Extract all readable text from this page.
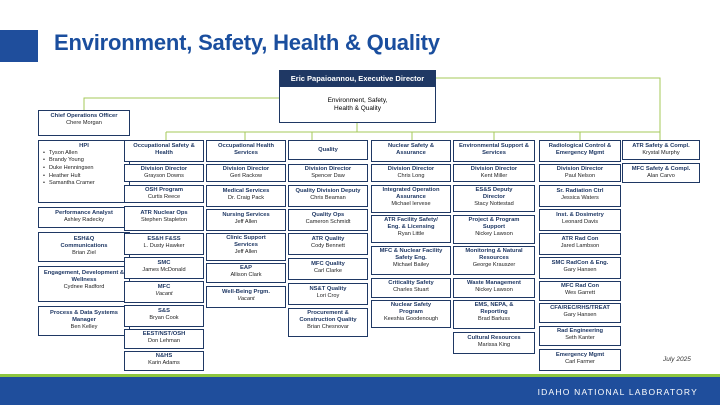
Environment, Safety, Health & Quality
Eric Papaioannou, Executive Director
Environment, Safety,
Health & Quality
Chief Operations Officer
Chere Morgan
HPI
• Tyson Allen
• Brandy Young
• Duke Henningsen
• Heather Hult
• Samantha Cramer
Performance Analyst
Ashley Radecky
ESH&Q Communications
Brian Ziel
Engagement, Development & Wellness
Cydnee Radford
Process & Data Systems Manager
Ben Kelley
Occupational Safety & Health
Division Director
Grayson Downs
OSH Program
Curtis Reece
ATR Nuclear Ops
Stephen Stapleton
ES&H F&SS
L. Dusty Hawker
SMC
James McDonald
MFC
Vacant
S&S
Bryan Cook
EEST/NST/OSH
Don Lehman
N&HS
Karin Adams
Occupational Health Services
Division Director
Geri Rackow
Medical Services
Dr. Craig Pack
Nursing Services
Jeff Allen
Clinic Support Services
Jeff Allen
EAP
Allison Clark
Well-Being Prgm.
Vacant
Quality
Division Director
Spencer Daw
Quality Division Deputy
Chris Beaman
Quality Ops
Cameron Schmidt
ATR Quality
Cody Bennett
MFC Quality
Carl Clarke
NS&T Quality
Lori Croy
Procurement & Construction Quality
Brian Chesnovar
Nuclear Safety & Assurance
Division Director
Chris Long
Integrated Operation Assurance
Michael Iervese
ATR Facility Safety/ Eng. & Licensing
Ryan Little
MFC & Nuclear Facility Safety Eng.
Michael Bailey
Criticality Safety
Charles Stuart
Nuclear Safety Program
Keeshia Goodenough
Environmental Support & Services
Division Director
Kent Miller
ES&S Deputy Director
Stacy Nottestad
Project & Program Support
Nickey Lawson
Monitoring & Natural Resources
George Krauszer
Waste Management
Nickey Lawson
EMS, NEPA, & Reporting
Brad Barluss
Cultural Resources
Marissa King
Radiological Control & Emergency Mgmt
Division Director
Paul Nelson
Sr. Radiation Ctrl
Jessica Waters
Inst. & Dosimetry
Leonard Davis
ATR Rad Con
Jared Lambson
SMC RadCon & Eng.
Gary Hansen
MFC Rad Con
Wes Garrett
CFA/REC/RHS/TREAT
Gary Hansen
Rad Engineering
Seth Kanter
Emergency Mgmt
Carl Farmer
ATR Safety & Compl.
Krystal Murphy
MFC Safety & Compl.
Alan Carvo
July 2025
IDAHO NATIONAL LABORATORY
